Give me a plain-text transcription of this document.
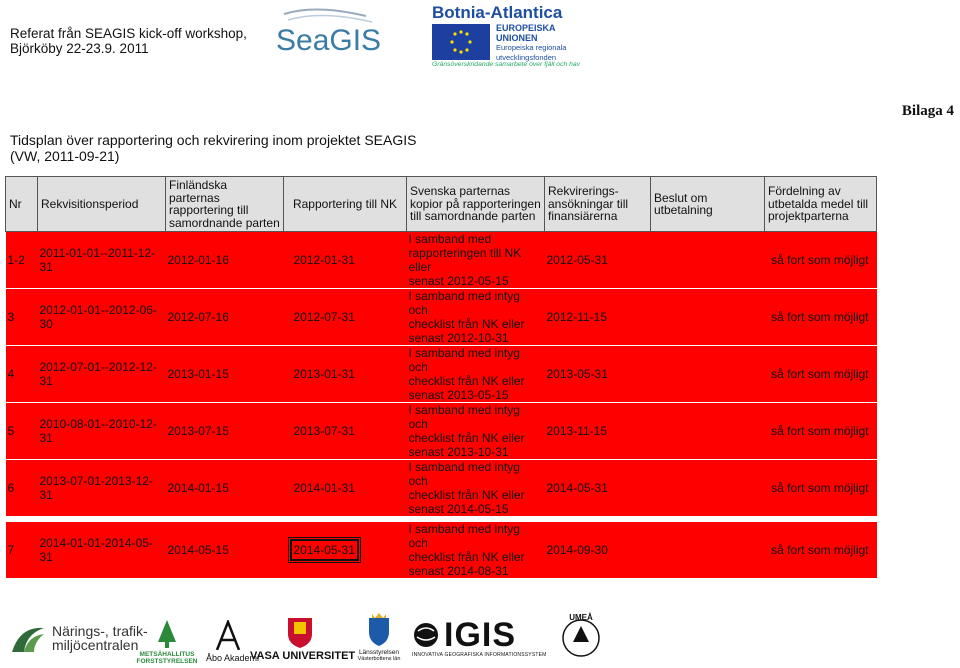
Referat från SEAGIS kick-off workshop,
Björköby 22-23.9. 2011	SeaGIS
Botnia-Atlantica
EUROPEISKA
UNIONEN
Europeiska regionala
utvecklingsfonden
Gränsöverskridande samarbete över fjäll och hav
Bilaga 4
Tidsplan över rapportering och rekvirering inom projektet SEAGIS
(VW, 2011-09-21)
Nr	Rekvisitionsperiod	Finländska parternas rapportering till samordnande parten	Rapportering till NK	Svenska parternas kopior på rapporteringen till samordnande parten	Rekvirerings-ansökningar till finansiärerna	Beslut om utbetalning	Fördelning av utbetalda medel till projektparterna
1-2	2011-01-01--2011-12-31	2012-01-16	2012-01-31	I samband med
rapporteringen till NK eller
senast 2012-05-15	2012-05-31		så fort som möjligt
3	2012-01-01--2012-06-30	2012-07-16	2012-07-31	I samband med intyg och
checklist från NK eller
senast 2012-10-31	2012-11-15		så fort som möjligt
4	2012-07-01--2012-12-31	2013-01-15	2013-01-31	I samband med intyg och
checklist från NK eller
senast 2013-05-15	2013-05-31		så fort som möjligt
5	2010-08-01--2010-12-31	2013-07-15	2013-07-31	I samband med intyg och
checklist från NK eller
senast 2013-10-31	2013-11-15		så fort som möjligt
6	2013-07-01-2013-12-31	2014-01-15	2014-01-31	I samband med intyg och
checklist från NK eller
senast 2014-05-15	2014-05-31		så fort som möjligt

7	2014-01-01-2014-05-31	2014-05-15	2014-05-31	I samband med intyg och
checklist från NK eller
senast 2014-08-31	2014-09-30		så fort som möjligt
Närings-, trafik-
miljöcentralen
METSÄHALLITUS FORSTSTYRELSEN Åbo Akademi
VASA UNIVERSITET Länsstyrelsen
Västerbottens län
IGIS
INNOVATIVA GEOGRAFISKA INFORMATIONSSYSTEM
UMEÅ
